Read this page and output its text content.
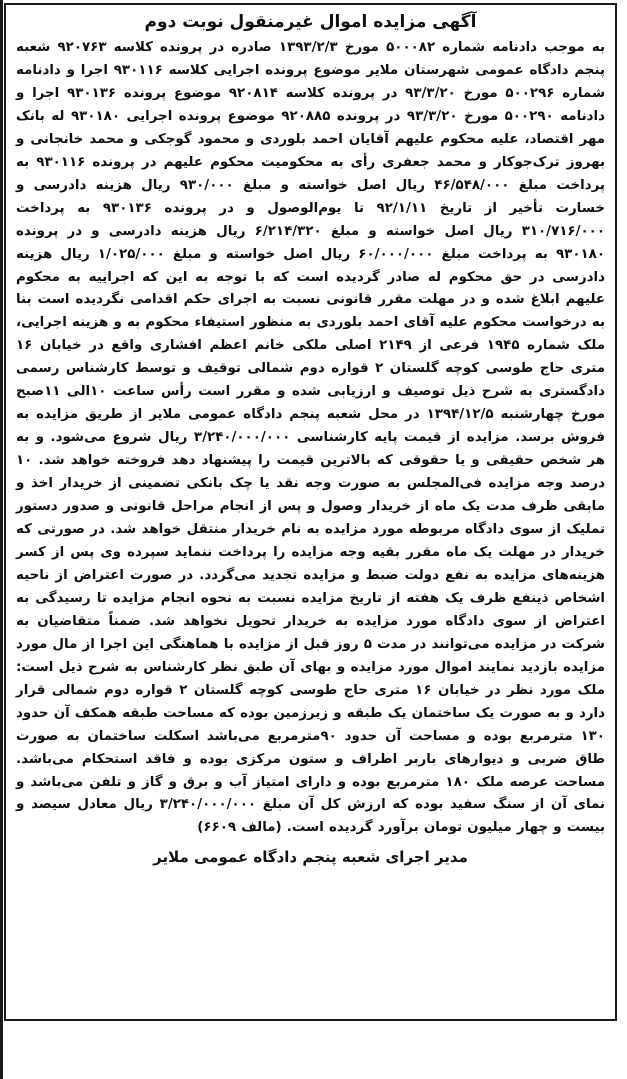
آگهی مزایده اموال غیرمنقول نوبت دوم

به موجب دادنامه شماره ۵۰۰۰۸۲ مورخ ۱۳۹۳/۲/۳ صادره در پرونده کلاسه ۹۲۰۷۶۳ شعبه پنجم دادگاه عمومی شهرستان ملایر موضوع پرونده اجرایی کلاسه ۹۳۰۱۱۶ اجرا و دادنامه شماره ۵۰۰۲۹۶ مورخ ۹۳/۳/۲۰ در پرونده کلاسه ۹۲۰۸۱۴ موضوع پرونده ۹۳۰۱۳۶ اجرا و دادنامه ۵۰۰۲۹۰ مورخ ۹۳/۳/۲۰ در پرونده ۹۲۰۸۸۵ موضوع پرونده اجرایی ۹۳۰۱۸۰ له بانک مهر اقتصاد، علیه محکوم علیهم آقایان احمد بلوردی و محمود گوجکی و محمد خانجانی و بهروز ترک‌جوکار و محمد جعفری رأی به محکومیت محکوم علیهم در پرونده ۹۳۰۱۱۶ به پرداخت مبلغ ۴۶/۵۴۸/۰۰۰ ریال اصل خواسته و مبلغ ۹۳۰/۰۰۰ ریال هزینه دادرسی و خسارت تأخیر از تاریخ ۹۲/۱/۱۱ تا یوم‌الوصول و در پرونده ۹۳۰۱۳۶ به پرداخت ۳۱۰/۷۱۶/۰۰۰ ریال اصل خواسته و مبلغ ۶/۲۱۴/۳۲۰ ریال هزینه دادرسی و در پرونده ۹۳۰۱۸۰ به پرداخت مبلغ ۶۰/۰۰۰/۰۰۰ ریال اصل خواسته و مبلغ ۱/۰۲۵/۰۰۰ ریال هزینه دادرسی در حق محکوم له صادر گردیده است که با توجه به این که اجراییه به محکوم علیهم ابلاغ شده و در مهلت مقرر قانونی نسبت به اجرای حکم اقدامی نگردیده است بنا به درخواست محکوم علیه آقای احمد بلوردی به منظور استیفاء محکوم به و هزینه اجرایی، ملک شماره ۱۹۴۵ فرعی از ۲۱۴۹ اصلی ملکی خانم اعظم افشاری واقع در خیابان ۱۶ متری حاج طوسی کوچه گلستان ۲ قواره دوم شمالی توقیف و توسط کارشناس رسمی دادگستری به شرح ذیل توصیف و ارزیابی شده و مقرر است رأس ساعت ۱۰الی ۱۱صبح مورخ چهارشنبه ۱۳۹۴/۱۲/۵ در محل شعبه پنجم دادگاه عمومی ملایر از طریق مزایده به فروش برسد. مزایده از قیمت پایه کارشناسی ۳/۲۴۰/۰۰۰/۰۰۰ ریال شروع می‌شود. و به هر شخص حقیقی و یا حقوقی که بالاترین قیمت را پیشنهاد دهد فروخته خواهد شد. ۱۰ درصد وجه مزایده فی‌المجلس به صورت وجه نقد یا چک بانکی تضمینی از خریدار اخذ و مابقی ظرف مدت یک ماه از خریدار وصول و پس از انجام مراحل قانونی و صدور دستور تملیک از سوی دادگاه مربوطه مورد مزایده به نام خریدار منتقل خواهد شد. در صورتی که خریدار در مهلت یک ماه مقرر بقیه وجه مزایده را پرداخت ننماید سپرده وی پس از کسر هزینه‌های مزایده به نفع دولت ضبط و مزایده تجدید می‌گردد. در صورت اعتراض از ناحیه اشخاص ذینفع ظرف یک هفته از تاریخ مزایده نسبت به نحوه انجام مزایده تا رسیدگی به اعتراض از سوی دادگاه مورد مزایده به خریدار تحویل نخواهد شد. ضمناً متقاضیان به شرکت در مزایده می‌توانند در مدت ۵ روز قبل از مزایده با هماهنگی این اجرا از مال مورد مزایده بازدید نمایند اموال مورد مزایده و بهای آن طبق نظر کارشناس به شرح ذیل است: ملک مورد نظر در خیابان ۱۶ متری حاج طوسی کوچه گلستان ۲ قواره دوم شمالی قرار دارد و به صورت یک ساختمان یک طبقه و زیرزمین بوده که مساحت طبقه همکف آن حدود ۱۳۰ مترمربع بوده و مساحت آن حدود ۹۰مترمربع می‌باشد اسکلت ساختمان به صورت طاق ضربی و دیوارهای باربر اطراف و ستون مرکزی بوده و فاقد استحکام می‌باشد. مساحت عرصه ملک ۱۸۰ مترمربع بوده و دارای امتیاز آب و برق و گاز و تلفن می‌باشد و نمای آن از سنگ سفید بوده که ارزش کل آن مبلغ ۳/۲۴۰/۰۰۰/۰۰۰ ریال معادل سیصد و بیست و چهار میلیون تومان برآورد گردیده است. (مالف ۶۶۰۹)

مدیر اجرای شعبه پنجم دادگاه عمومی ملایر
